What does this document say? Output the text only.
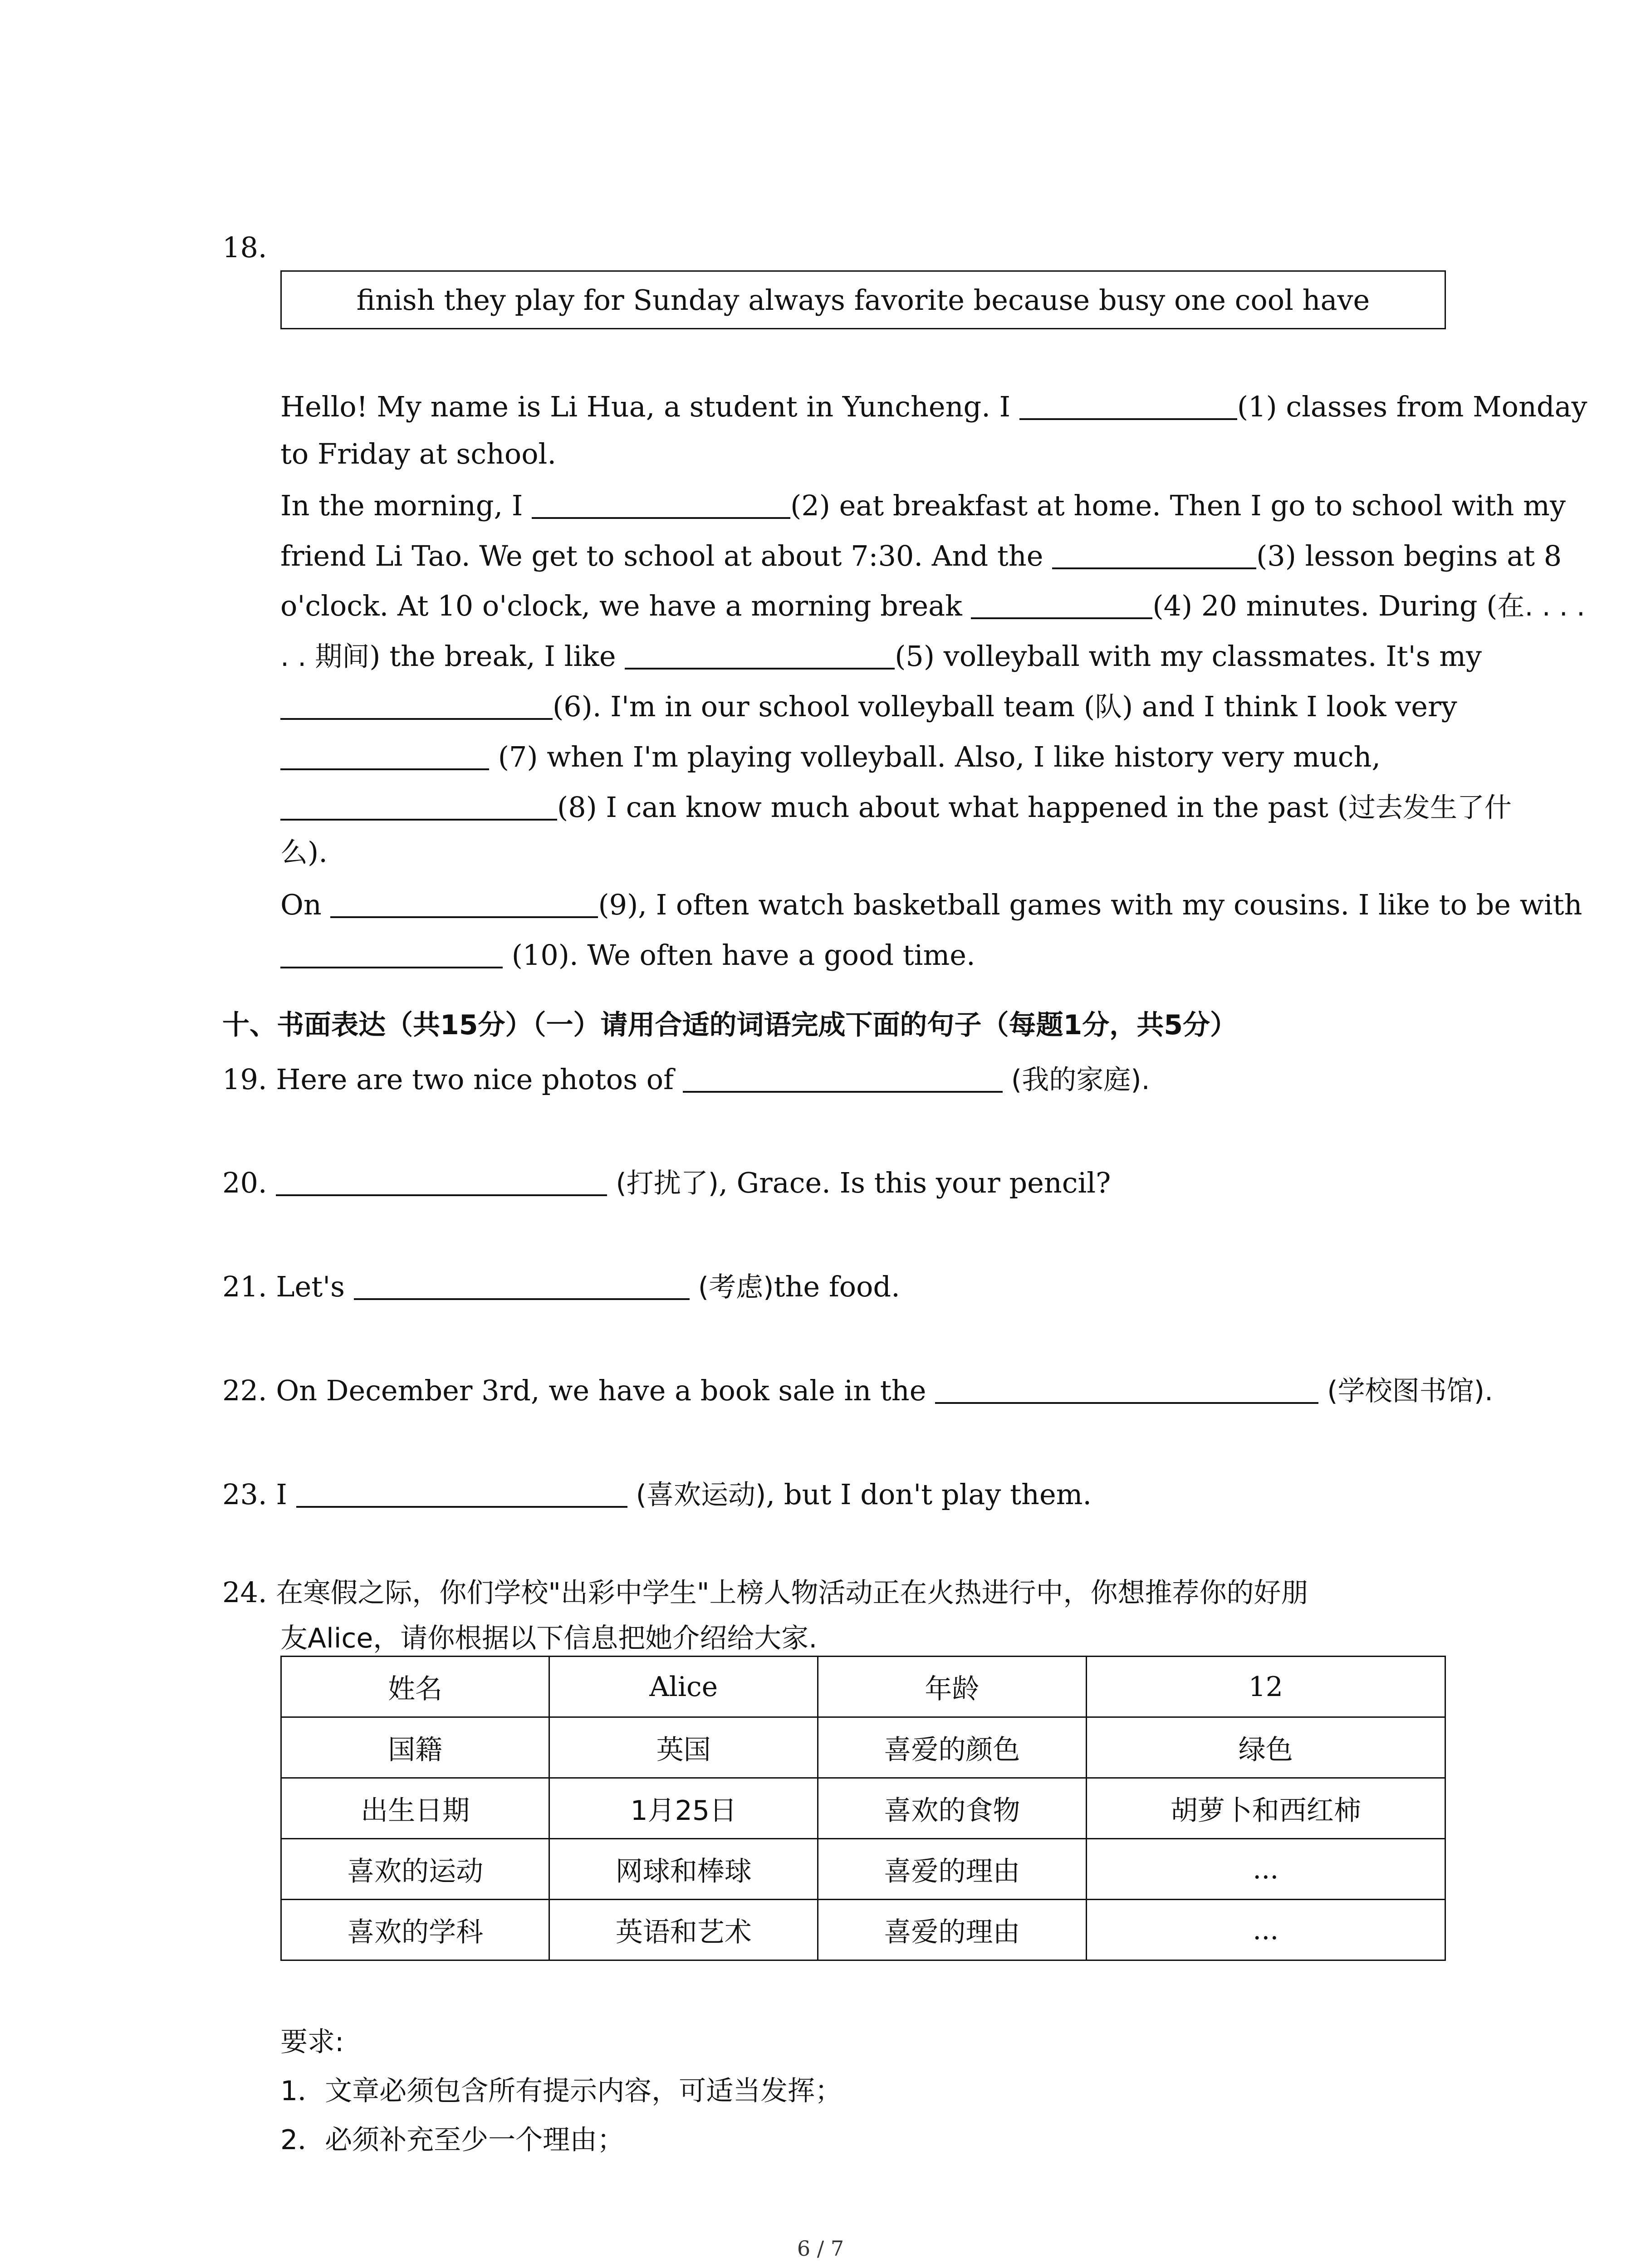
18.
finish they play for Sunday always favorite because busy one cool have
Hello! My name is Li Hua, a student in Yuncheng. I	(1) classes from Monday
to Friday at school.
In the morning, I	(2) eat breakfast at home. Then I go to school with my
friend Li Tao. We get to school at about 7:30. And the	(3) lesson begins at 8
o'clock. At 10 o'clock, we have a morning break	(4) 20 minutes. During (在. . . .
. . 期间) the break, I like	(5) volleyball with my classmates. It's my
(6). I'm in our school volleyball team (队) and I think I look very
(7) when I'm playing volleyball. Also, I like history very much,
(8) I can know much about what happened in the past (过去发生了什
么).
On	(9), I often watch basketball games with my cousins. I like to be with
(10). We often have a good time.
十、书面表达（共15分）（一）请用合适的词语完成下面的句子（每题1分，共5分）
19. Here are two nice photos of	(我的家庭).
20.	(打扰了), Grace. Is this your pencil?
21. Let's	(考虑)the food.
22. On December 3rd, we have a book sale in the	(学校图书馆).
23. I	(喜欢运动), but I don't play them.
24. 在寒假之际，你们学校"出彩中学生"上榜人物活动正在火热进行中，你想推荐你的好朋
友Alice，请你根据以下信息把她介绍给大家.
姓名	Alice	年龄	12
国籍	英国	喜爱的颜色	绿色
出生日期	1月25日	喜欢的食物	胡萝卜和西红柿
喜欢的运动	网球和棒球	喜爱的理由	...
喜欢的学科	英语和艺术	喜爱的理由	...
要求:
1．文章必须包含所有提示内容，可适当发挥；
2．必须补充至少一个理由；
6 / 7
